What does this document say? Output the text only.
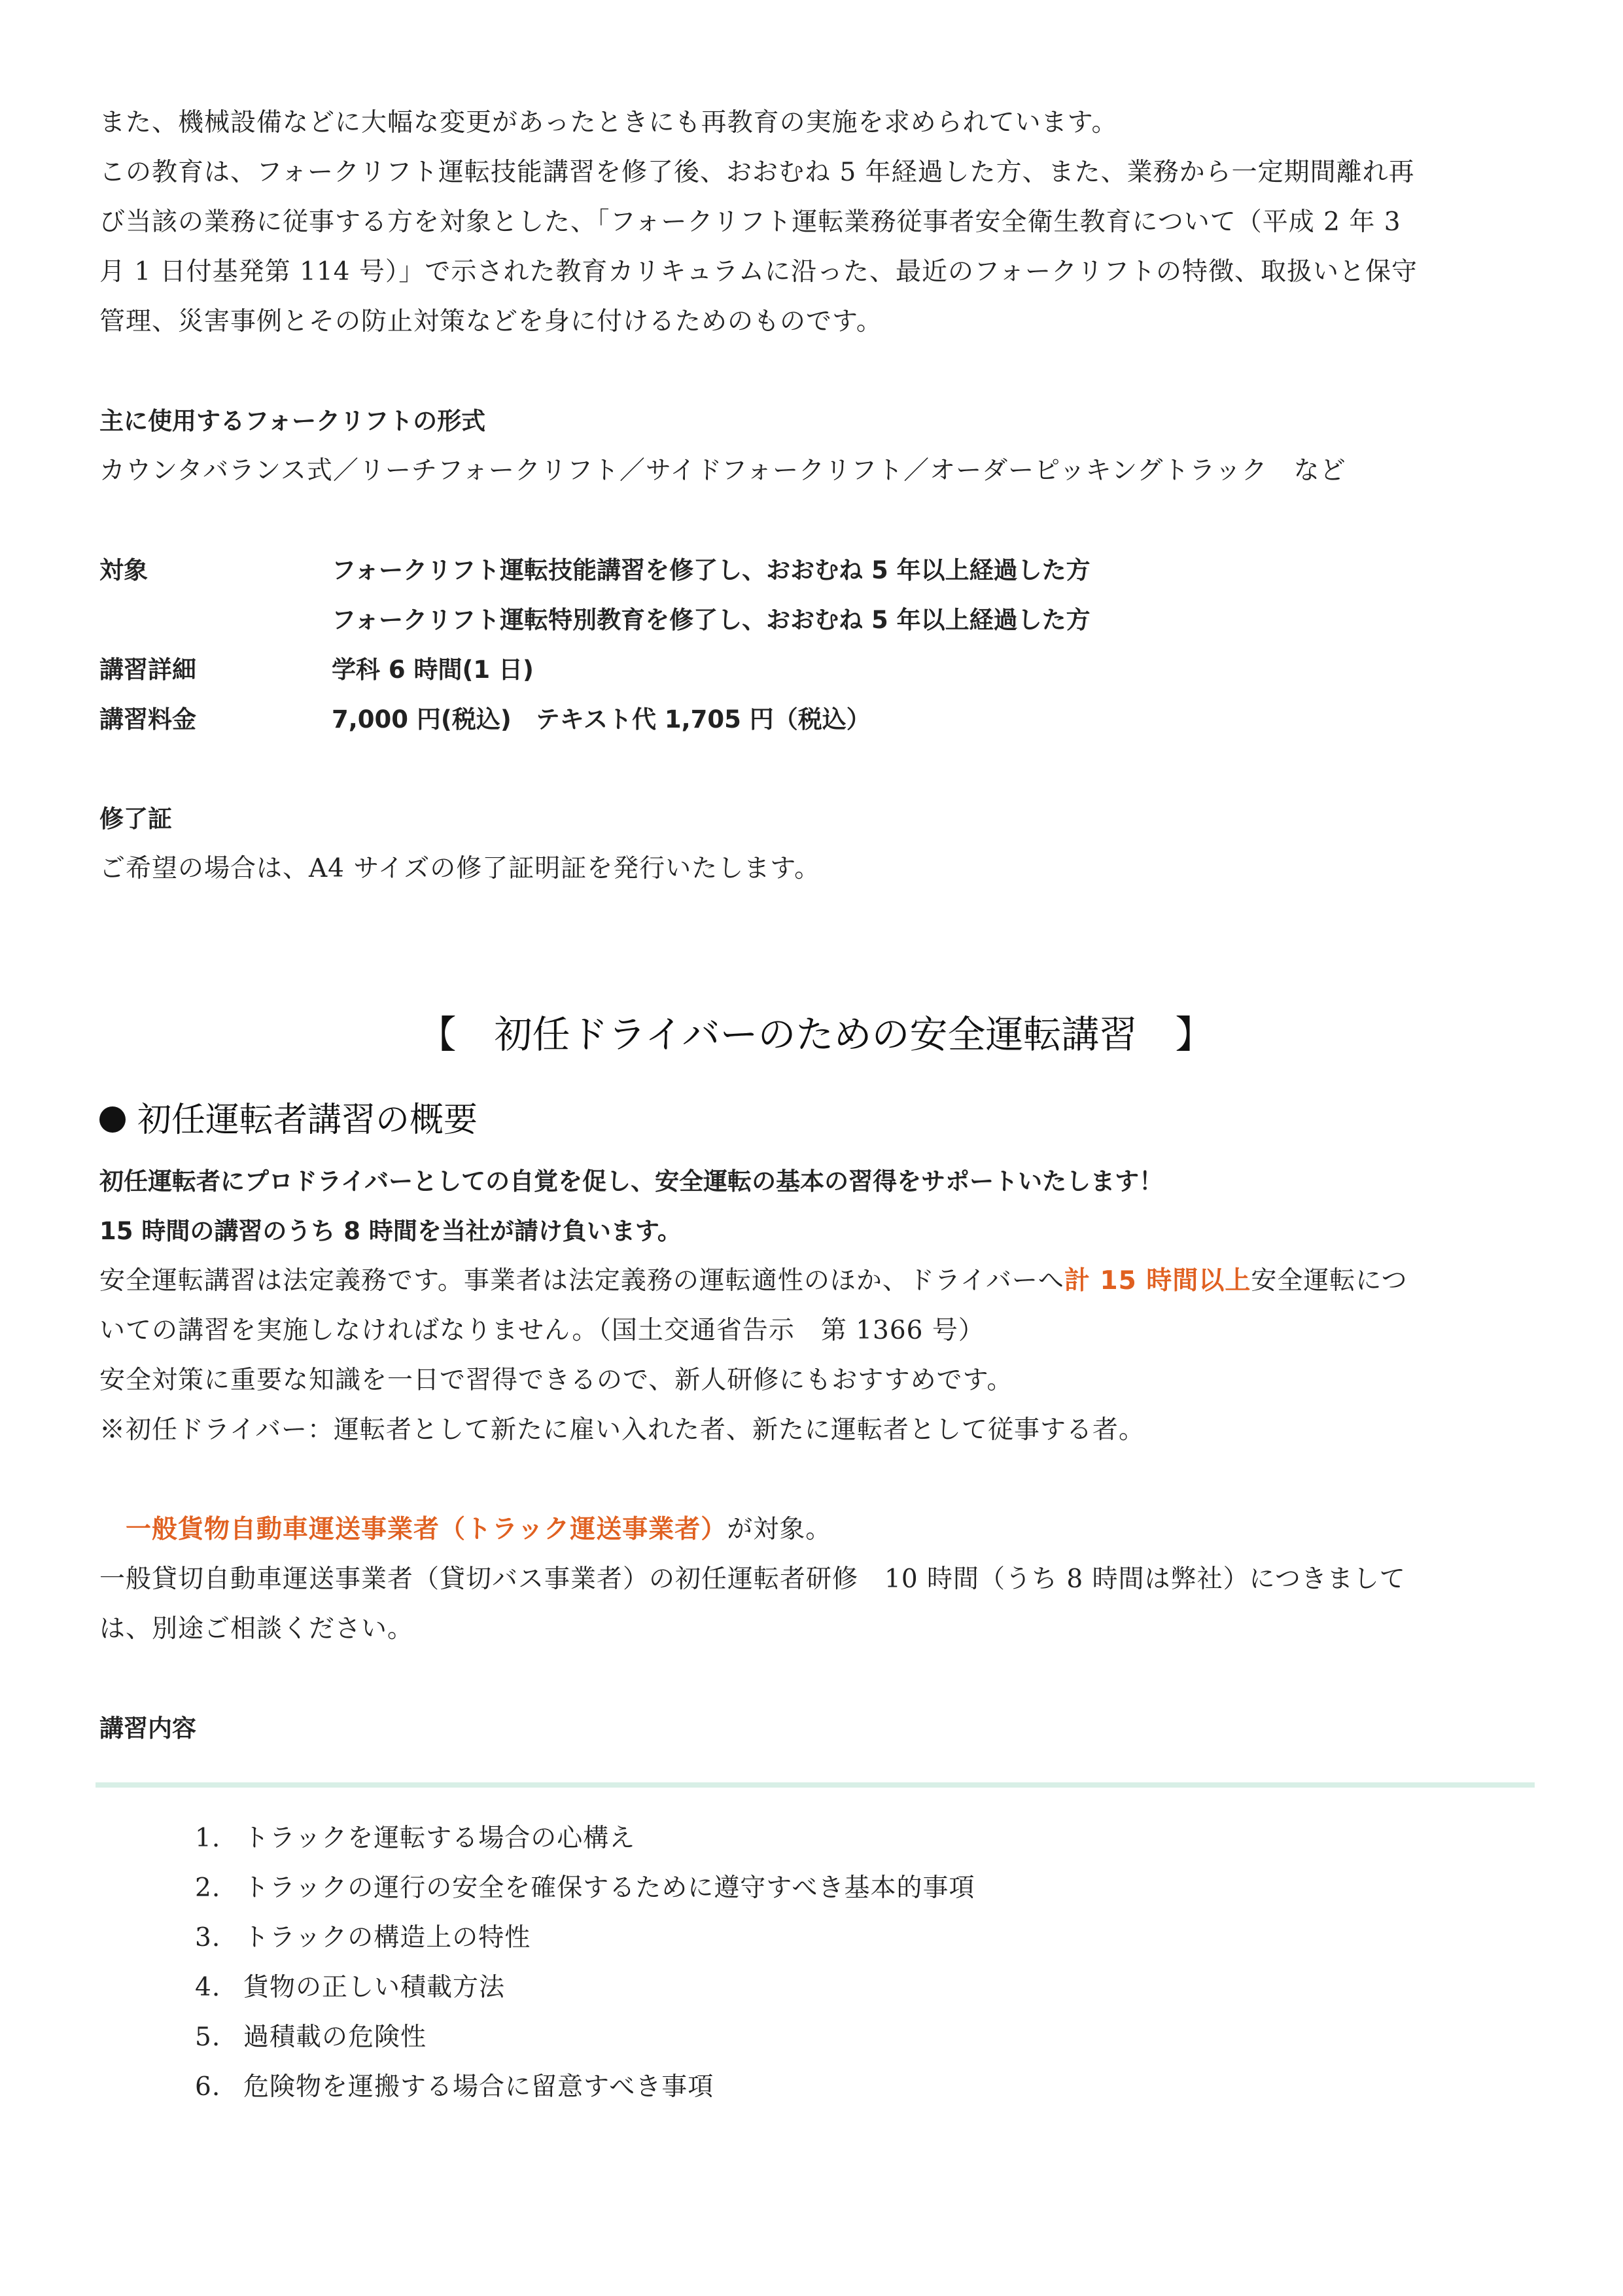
また、機械設備などに大幅な変更があったときにも再教育の実施を求められています。

この教育は、フォークリフト運転技能講習を修了後、おおむね 5 年経過した方、また、業務から一定期間離れ再

び当該の業務に従事する方を対象とした、「フォークリフト運転業務従事者安全衛生教育について（平成 2 年 3

月 1 日付基発第 114 号）」で示された教育カリキュラムに沿った、最近のフォークリフトの特徴、取扱いと保守

管理、災害事例とその防止対策などを身に付けるためのものです。

主に使用するフォークリフトの形式

カウンタバランス式／リーチフォークリフト／サイドフォークリフト／オーダーピッキングトラック　など

対象	フォークリフト運転技能講習を修了し、おおむね 5 年以上経過した方
フォークリフト運転特別教育を修了し、おおむね 5 年以上経過した方
講習詳細	学科 6 時間(1 日)
講習料金	7,000 円(税込)　テキスト代 1,705 円（税込）

修了証

ご希望の場合は、A4 サイズの修了証明証を発行いたします。

【　初任ドライバーのための安全運転講習　】
初任運転者講習の概要

初任運転者にプロドライバーとしての自覚を促し、安全運転の基本の習得をサポートいたします！

15 時間の講習のうち 8 時間を当社が請け負います。

安全運転講習は法定義務です。事業者は法定義務の運転適性のほか、ドライバーへ計 15 時間以上安全運転につ

いての講習を実施しなければなりません。（国土交通省告示　第 1366 号）

安全対策に重要な知識を一日で習得できるので、新人研修にもおすすめです。

※初任ドライバー：運転者として新たに雇い入れた者、新たに運転者として従事する者。

　一般貨物自動車運送事業者（トラック運送事業者）が対象。

一般貸切自動車運送事業者（貸切バス事業者）の初任運転者研修　10 時間（うち 8 時間は弊社）につきまして

は、別途ご相談ください。

講習内容

1. トラックを運転する場合の心構え
2. トラックの運行の安全を確保するために遵守すべき基本的事項
3. トラックの構造上の特性
4. 貨物の正しい積載方法
5. 過積載の危険性
6. 危険物を運搬する場合に留意すべき事項
